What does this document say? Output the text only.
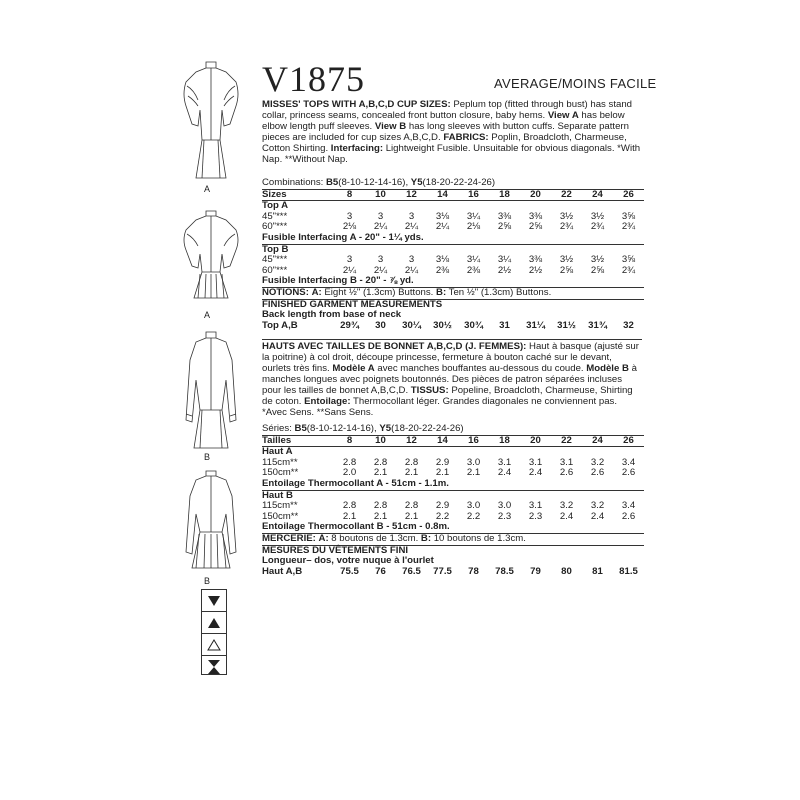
V1875	AVERAGE/MOINS FACILE

MISSES' TOPS WITH A,B,C,D CUP SIZES: Peplum top (fitted through bust) has stand collar, princess seams, concealed front button closure, baby hems. View A has below elbow length puff sleeves. View B has long sleeves with button cuffs. Separate pattern pieces are included for cup sizes A,B,C,D. FABRICS: Poplin, Broadcloth, Charmeuse, Cotton Shirting. Interfacing: Lightweight Fusible. Unsuitable for obvious diagonals. *With Nap. **Without Nap.

Combinations: B5(8-10-12-14-16), Y5(18-20-22-24-26)
Sizes	8	10	12	14	16	18	20	22	24	26
Top A
45"***	3	3	3	3⅛	3¼	3⅜	3⅜	3½	3½	3⅝
60"***	2⅛	2¼	2¼	2¼	2⅛	2⅝	2⅝	2¾	2¾	2¾
Fusible Interfacing A - 20" - 1¼ yds.
Top B
45"***	3	3	3	3⅛	3¼	3¼	3⅜	3½	3½	3⅝
60"***	2¼	2¼	2¼	2⅜	2⅜	2½	2½	2⅝	2⅝	2¾
Fusible Interfacing B - 20" - ⅞ yd.
NOTIONS: A: Eight ½" (1.3cm) Buttons. B: Ten ½" (1.3cm) Buttons.
FINISHED GARMENT MEASUREMENTS
Back length from base of neck
Top A,B	29¾	30	30¼	30½	30¾	31	31¼	31½	31¾	32

HAUTS AVEC TAILLES DE BONNET A,B,C,D (J. FEMMES): Haut à basque (ajusté sur la poitrine) à col droit, découpe princesse, fermeture à bouton caché sur le devant, ourlets très fins. Modèle A avec manches bouffantes au-dessous du coude. Modèle B à manches longues avec poignets boutonnés. Des pièces de patron séparées incluses pour les tailles de bonnet A,B,C,D. TISSUS: Popeline, Broadcloth, Charmeuse, Shirting de coton. Entoilage: Thermocollant léger. Grandes diagonales ne conviennent pas. *Avec Sens. **Sans Sens.

Séries: B5(8-10-12-14-16), Y5(18-20-22-24-26)
Tailles	8	10	12	14	16	18	20	22	24	26
Haut A
115cm**	2.8	2.8	2.8	2.9	3.0	3.1	3.1	3.1	3.2	3.4
150cm**	2.0	2.1	2.1	2.1	2.1	2.4	2.4	2.6	2.6	2.6
Entoilage Thermocollant A - 51cm - 1.1m.
Haut B
115cm**	2.8	2.8	2.8	2.9	3.0	3.0	3.1	3.2	3.2	3.4
150cm**	2.1	2.1	2.1	2.2	2.2	2.3	2.3	2.4	2.4	2.6
Entoilage Thermocollant B - 51cm - 0.8m.
MERCERIE: A: 8 boutons de 1.3cm. B: 10 boutons de 1.3cm.
MESURES DU VÊTEMENTS FINI
Longueur– dos, votre nuque à l'ourlet
Haut A,B	75.5	76	76.5	77.5	78	78.5	79	80	81	81.5
A
A
B
B
